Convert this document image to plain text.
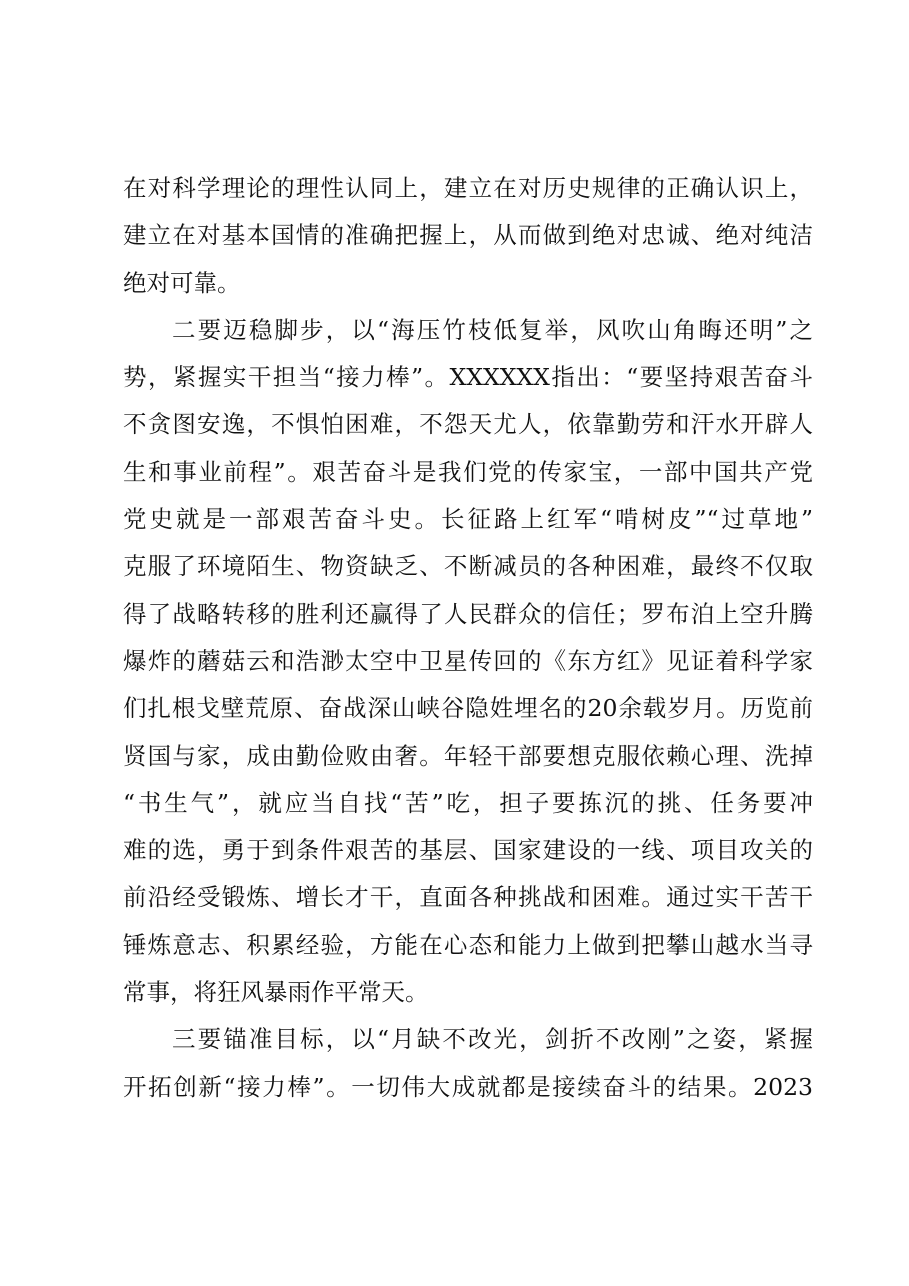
在对科学理论的理性认同上，建立在对历史规律的正确认识上，
建立在对基本国情的准确把握上，从而做到绝对忠诚、绝对纯洁
绝对可靠。
二要迈稳脚步，以“海压竹枝低复举，风吹山角晦还明”之
势，紧握实干担当“接力棒”。XXXXXX指出：“要坚持艰苦奋斗
不贪图安逸，不惧怕困难，不怨天尤人，依靠勤劳和汗水开辟人
生和事业前程”。艰苦奋斗是我们党的传家宝，一部中国共产党
党史就是一部艰苦奋斗史。长征路上红军“啃树皮”“过草地”
克服了环境陌生、物资缺乏、不断减员的各种困难，最终不仅取
得了战略转移的胜利还赢得了人民群众的信任；罗布泊上空升腾
爆炸的蘑菇云和浩渺太空中卫星传回的《东方红》见证着科学家
们扎根戈壁荒原、奋战深山峡谷隐姓埋名的20余载岁月。历览前
贤国与家，成由勤俭败由奢。年轻干部要想克服依赖心理、洗掉
“书生气”，就应当自找“苦”吃，担子要拣沉的挑、任务要冲
难的选，勇于到条件艰苦的基层、国家建设的一线、项目攻关的
前沿经受锻炼、增长才干，直面各种挑战和困难。通过实干苦干
锤炼意志、积累经验，方能在心态和能力上做到把攀山越水当寻
常事，将狂风暴雨作平常天。
三要锚准目标，以“月缺不改光，剑折不改刚”之姿，紧握
开拓创新“接力棒”。一切伟大成就都是接续奋斗的结果。2023
